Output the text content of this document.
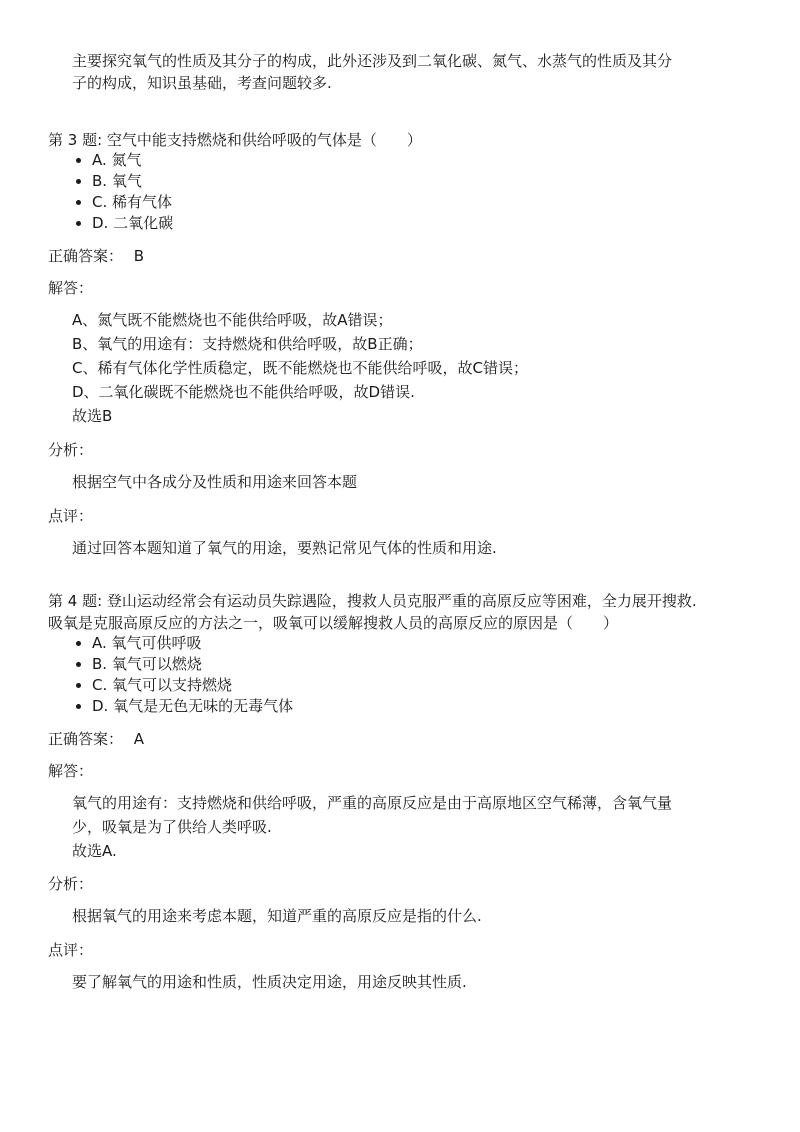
主要探究氧气的性质及其分子的构成，此外还涉及到二氧化碳、氮气、水蒸气的性质及其分
子的构成，知识虽基础，考查问题较多.
第 3 题: 空气中能支持燃烧和供给呼吸的气体是（　　）
• A. 氮气
• B. 氧气
• C. 稀有气体
• D. 二氧化碳
正确答案： B
解答：
A、氮气既不能燃烧也不能供给呼吸，故A错误；
B、氧气的用途有：支持燃烧和供给呼吸，故B正确；
C、稀有气体化学性质稳定，既不能燃烧也不能供给呼吸，故C错误；
D、二氧化碳既不能燃烧也不能供给呼吸，故D错误.
故选B
分析：
根据空气中各成分及性质和用途来回答本题
点评：
通过回答本题知道了氧气的用途，要熟记常见气体的性质和用途.
第 4 题: 登山运动经常会有运动员失踪遇险，搜救人员克服严重的高原反应等困难，全力展开搜救.
吸氧是克服高原反应的方法之一，吸氧可以缓解搜救人员的高原反应的原因是（　　）
• A. 氧气可供呼吸
• B. 氧气可以燃烧
• C. 氧气可以支持燃烧
• D. 氧气是无色无味的无毒气体
正确答案： A
解答：
氧气的用途有：支持燃烧和供给呼吸，严重的高原反应是由于高原地区空气稀薄，含氧气量
少，吸氧是为了供给人类呼吸.
故选A.
分析：
根据氧气的用途来考虑本题，知道严重的高原反应是指的什么.
点评：
要了解氧气的用途和性质，性质决定用途，用途反映其性质.
